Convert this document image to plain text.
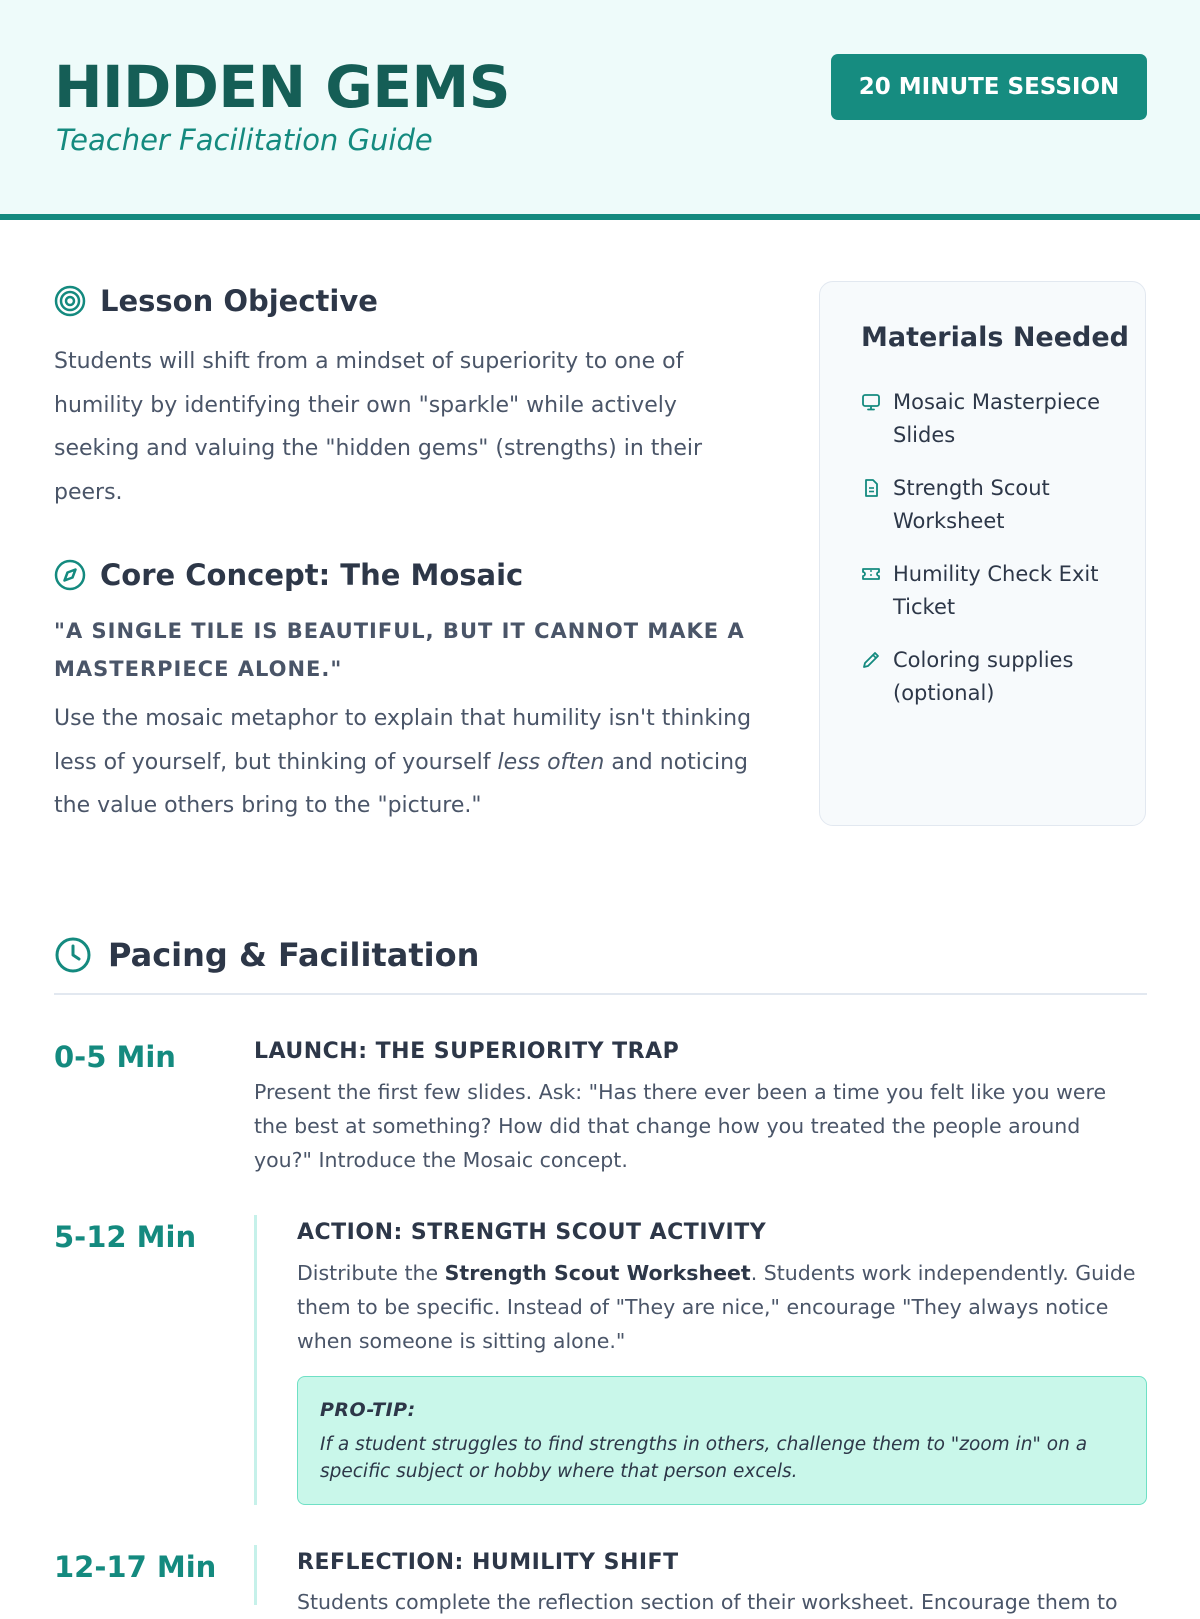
HIDDEN GEMS
Teacher Facilitation Guide
20 MINUTE SESSION
Lesson Objective
Students will shift from a mindset of superiority to one of humility by identifying their own "sparkle" while actively seeking and valuing the "hidden gems" (strengths) in their peers.
Core Concept: The Mosaic
"A SINGLE TILE IS BEAUTIFUL, BUT IT CANNOT MAKE A MASTERPIECE ALONE."
Use the mosaic metaphor to explain that humility isn't thinking less of yourself, but thinking of yourself less often and noticing the value others bring to the "picture."
Materials Needed
Mosaic Masterpiece Slides
Strength Scout Worksheet
Humility Check Exit Ticket
Coloring supplies (optional)
Pacing & Facilitation
0-5 Min	LAUNCH: THE SUPERIORITY TRAP
Present the first few slides. Ask: "Has there ever been a time you felt like you were the best at something? How did that change how you treated the people around you?" Introduce the Mosaic concept.
5-12 Min	ACTION: STRENGTH SCOUT ACTIVITY
Distribute the Strength Scout Worksheet. Students work independently. Guide them to be specific. Instead of "They are nice," encourage "They always notice when someone is sitting alone."
PRO-TIP:
If a student struggles to find strengths in others, challenge them to "zoom in" on a specific subject or hobby where that person excels.
12-17 Min	REFLECTION: HUMILITY SHIFT
Students complete the reflection section of their worksheet. Encourage them to
